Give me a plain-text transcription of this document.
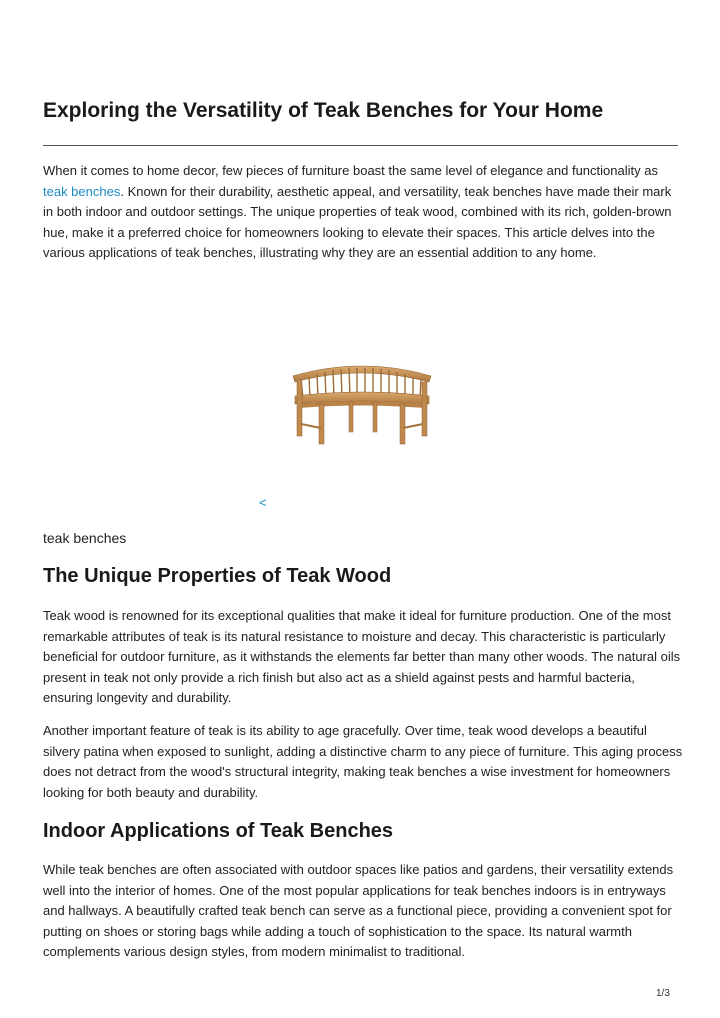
Exploring the Versatility of Teak Benches for Your Home

When it comes to home decor, few pieces of furniture boast the same level of elegance and functionality as teak benches. Known for their durability, aesthetic appeal, and versatility, teak benches have made their mark in both indoor and outdoor settings. The unique properties of teak wood, combined with its rich, golden-brown hue, make it a preferred choice for homeowners looking to elevate their spaces. This article delves into the various applications of teak benches, illustrating why they are an essential addition to any home.

<
teak benches
The Unique Properties of Teak Wood

Teak wood is renowned for its exceptional qualities that make it ideal for furniture production. One of the most remarkable attributes of teak is its natural resistance to moisture and decay. This characteristic is particularly beneficial for outdoor furniture, as it withstands the elements far better than many other woods. The natural oils present in teak not only provide a rich finish but also act as a shield against pests and harmful bacteria, ensuring longevity and durability.

Another important feature of teak is its ability to age gracefully. Over time, teak wood develops a beautiful silvery patina when exposed to sunlight, adding a distinctive charm to any piece of furniture. This aging process does not detract from the wood's structural integrity, making teak benches a wise investment for homeowners looking for both beauty and durability.

Indoor Applications of Teak Benches

While teak benches are often associated with outdoor spaces like patios and gardens, their versatility extends well into the interior of homes. One of the most popular applications for teak benches indoors is in entryways and hallways. A beautifully crafted teak bench can serve as a functional piece, providing a convenient spot for putting on shoes or storing bags while adding a touch of sophistication to the space. Its natural warmth complements various design styles, from modern minimalist to traditional.

1/3
